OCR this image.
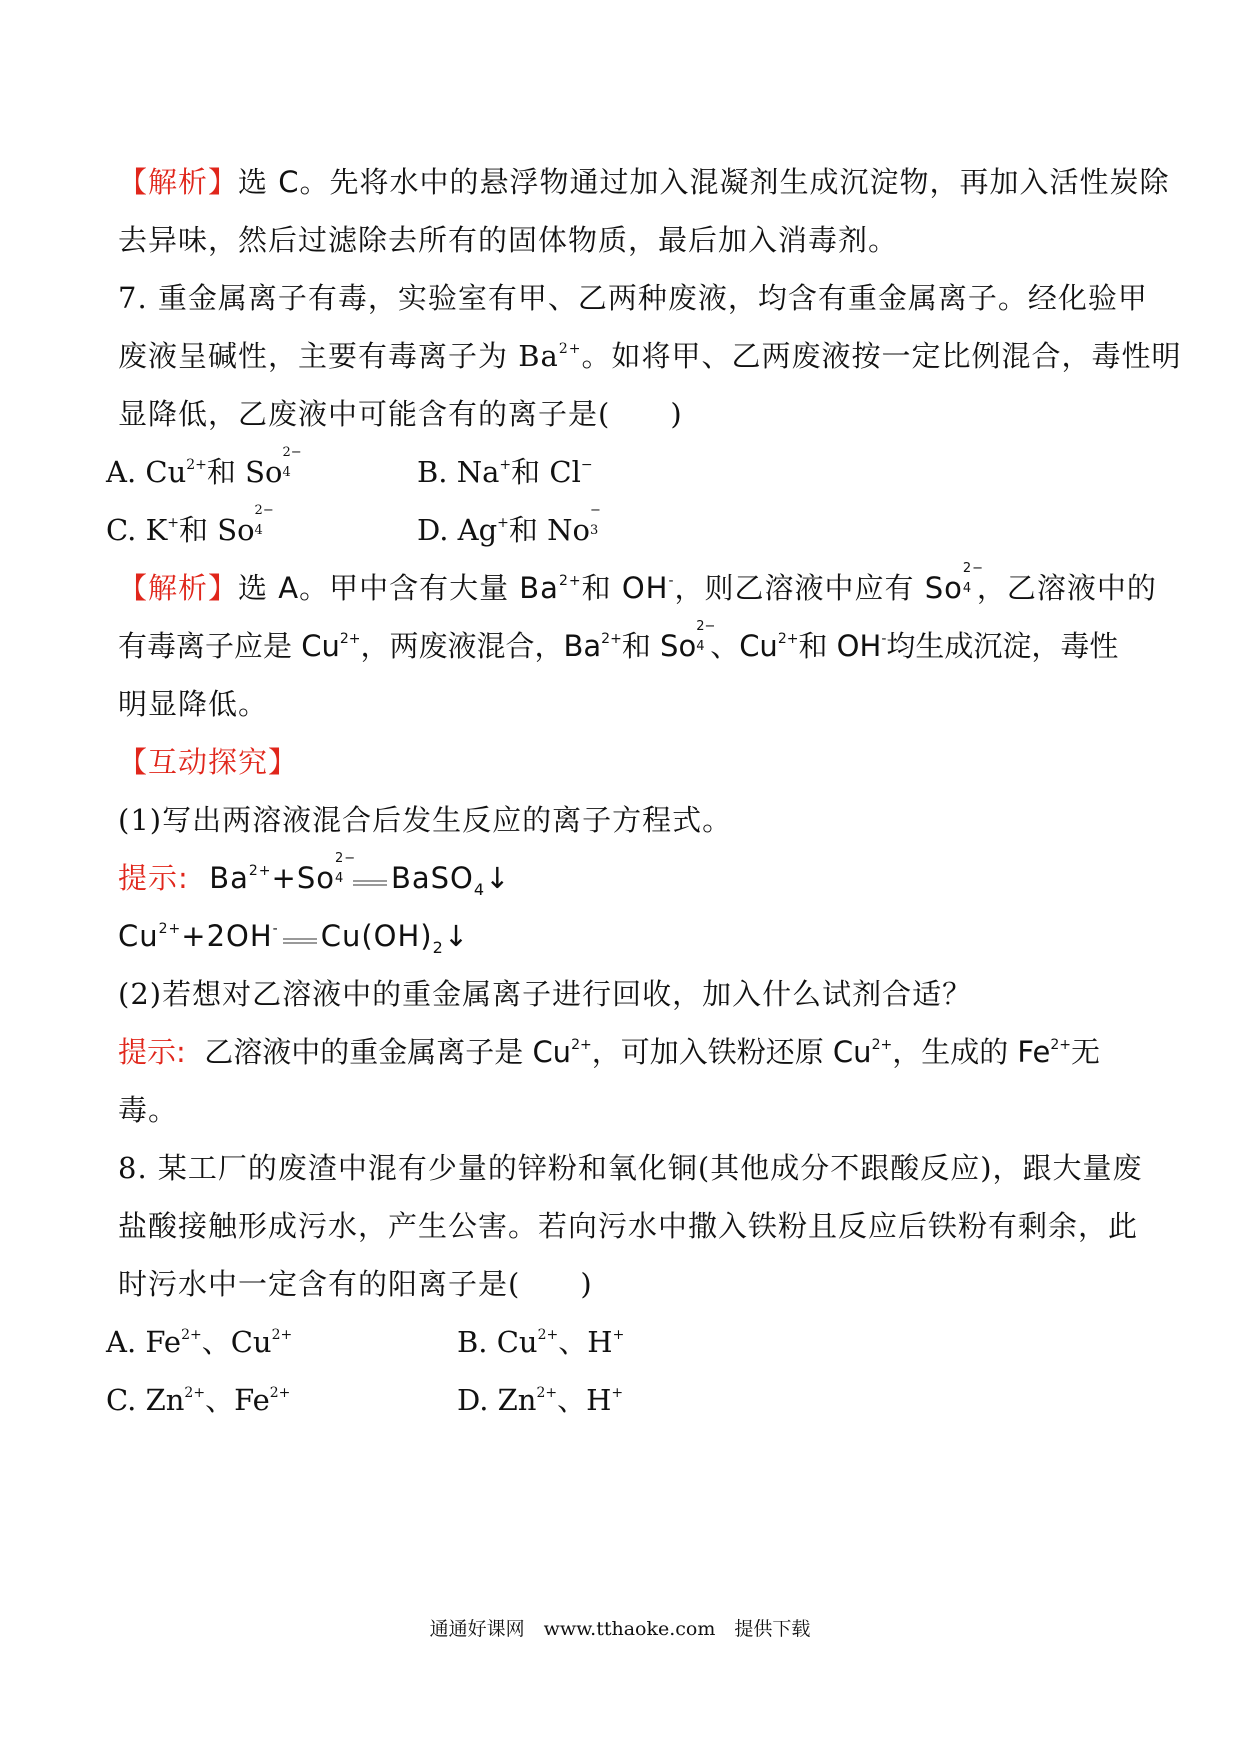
【解析】选 C。先将水中的悬浮物通过加入混凝剂生成沉淀物，再加入活性炭除
去异味，然后过滤除去所有的固体物质，最后加入消毒剂。
7. 重金属离子有毒，实验室有甲、乙两种废液，均含有重金属离子。经化验甲
废液呈碱性，主要有毒离子为 $Ba^{2+}$。如将甲、乙两废液按一定比例混合，毒性明
显降低，乙废液中可能含有的离子是(　　)
A. $Cu^{2+}$和 So
2−
4	B. Na+和 Cl−
C. K+和 So
2−
4	D. Ag+和 No
−
3
【解析】选 A。甲中含有大量 $Ba^{2+}$和 OH-，则乙溶液中应有 So
2−
4 ，乙溶液中的
有毒离子应是 $Cu^{2+}$，两废液混合，$Ba^{2+}$和 So
2−
4 、$Cu^{2+}$和 OH-均生成沉淀，毒性
明显降低。
【互动探究】
(1)写出两溶液混合后发生反应的离子方程式。
提示: $Ba^{2+}+So$
2−
4 BaSO$_4$↓
$Cu^{2+}+2OH^-$ $Cu(OH)_2↓$
(2)若想对乙溶液中的重金属离子进行回收，加入什么试剂合适？
提示: 乙溶液中的重金属离子是 $Cu^{2+}$，可加入铁粉还原 $Cu^{2+}$，生成的 $Fe^{2+}$无
毒。
8. 某工厂的废渣中混有少量的锌粉和氧化铜(其他成分不跟酸反应)，跟大量废
盐酸接触形成污水，产生公害。若向污水中撒入铁粉且反应后铁粉有剩余，此
时污水中一定含有的阳离子是(　　)
A. $Fe^{2+}$、$Cu^{2+}$	B. $Cu^{2+}$、H+
C. $Zn^{2+}$、$Fe^{2+}$	D. $Zn^{2+}$、H+
通通好课网　www.tthaoke.com　提供下载
